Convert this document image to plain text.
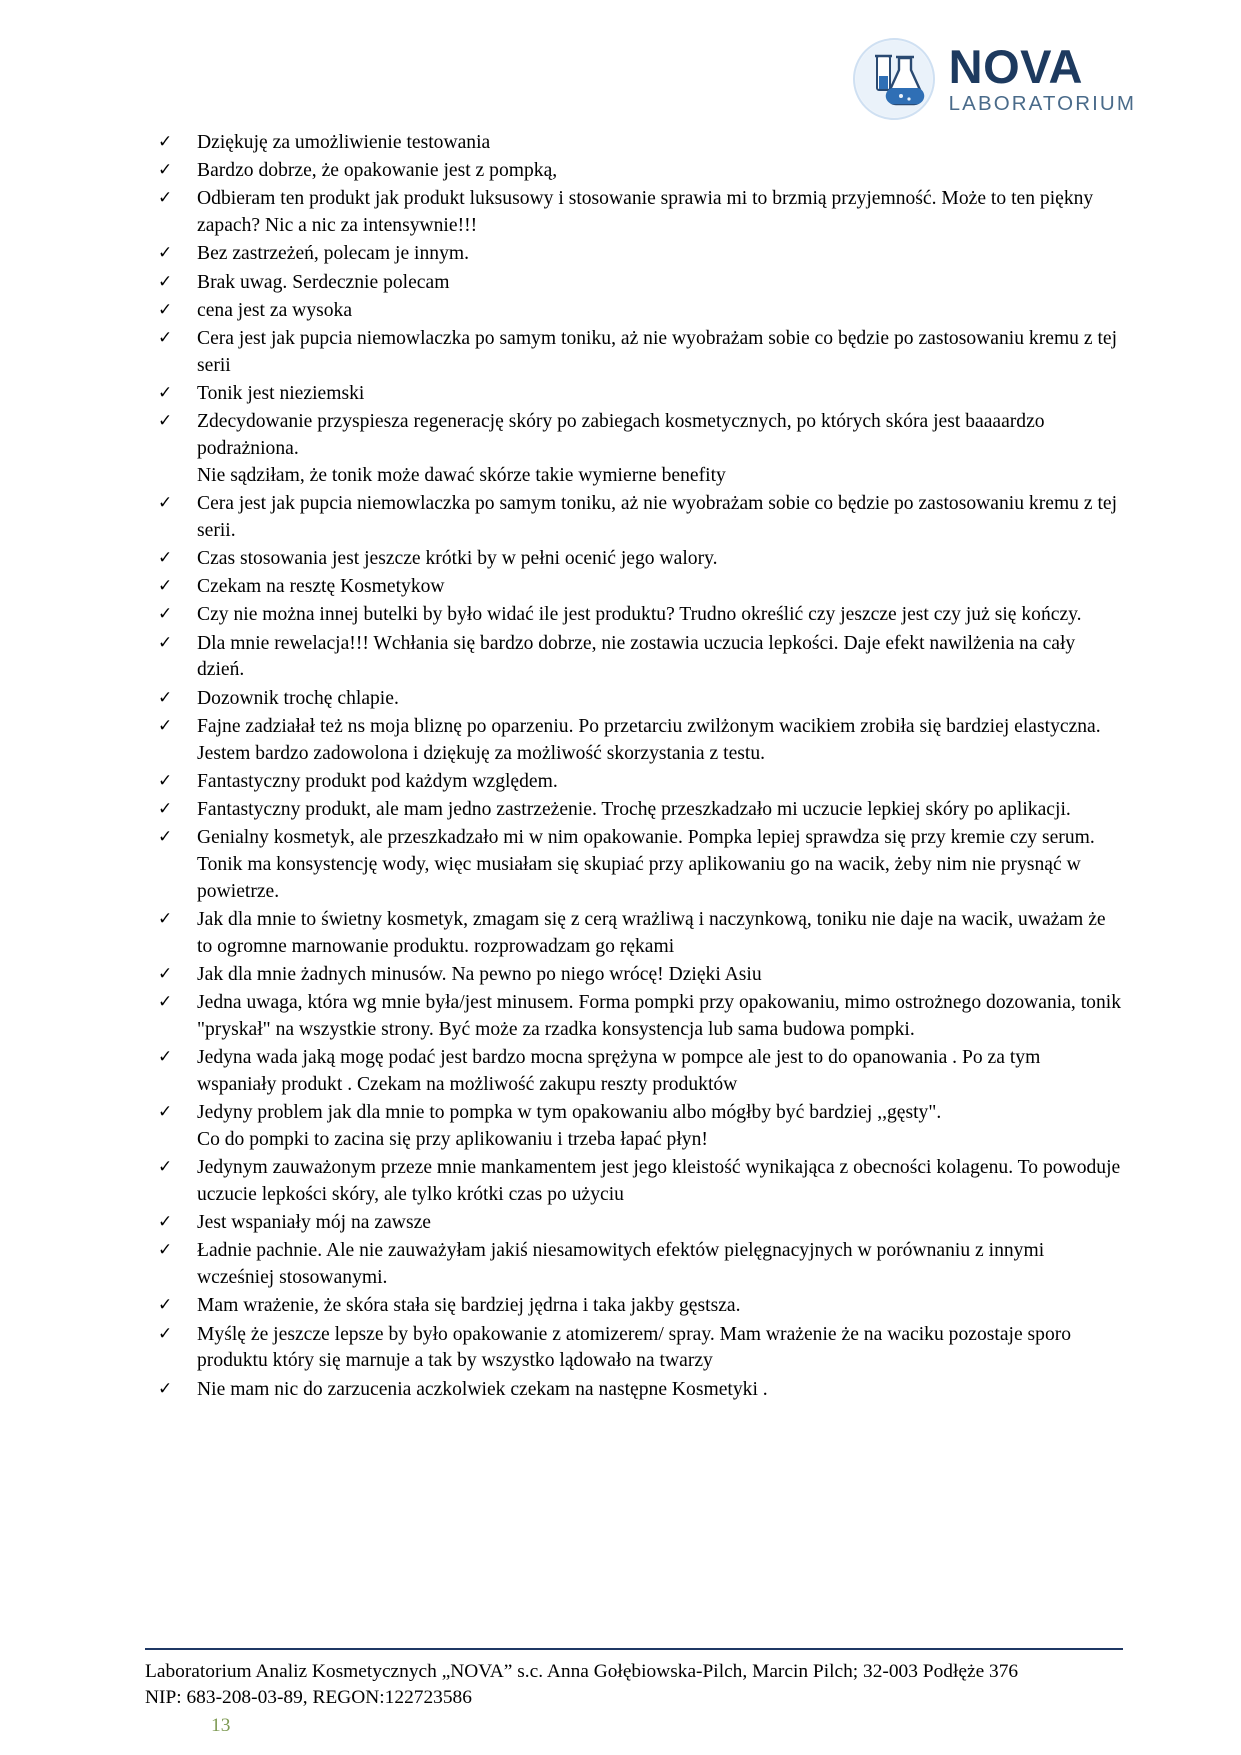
NOVA
LABORATORIUM
✓ Dziękuję za umożliwienie testowania
✓ Bardzo dobrze, że opakowanie jest z pompką,
✓ Odbieram ten produkt jak produkt luksusowy i stosowanie sprawia mi to brzmią przyjemność. Może to ten piękny zapach? Nic a nic za intensywnie!!!
✓ Bez zastrzeżeń, polecam je innym.
✓ Brak uwag. Serdecznie polecam
✓ cena jest za wysoka
✓ Cera jest jak pupcia niemowlaczka po samym toniku, aż nie wyobrażam sobie co będzie po zastosowaniu kremu z tej serii
✓ Tonik jest nieziemski
✓ Zdecydowanie przyspiesza regenerację skóry po zabiegach kosmetycznych, po których skóra jest baaaardzo podrażniona.
Nie sądziłam, że tonik może dawać skórze takie wymierne benefity
✓ Cera jest jak pupcia niemowlaczka po samym toniku, aż nie wyobrażam sobie co będzie po zastosowaniu kremu z tej serii.
✓ Czas stosowania jest jeszcze krótki by w pełni ocenić jego walory.
✓ Czekam na resztę Kosmetykow
✓ Czy nie można innej butelki by było widać ile jest produktu? Trudno określić czy jeszcze jest czy już się kończy.
✓ Dla mnie rewelacja!!! Wchłania się bardzo dobrze, nie zostawia uczucia lepkości. Daje efekt nawilżenia na cały dzień.
✓ Dozownik trochę chlapie.
✓ Fajne zadziałał też ns moja bliznę po oparzeniu. Po przetarciu zwilżonym wacikiem zrobiła się bardziej elastyczna. Jestem bardzo zadowolona i dziękuję za możliwość skorzystania z testu.
✓ Fantastyczny produkt pod każdym względem.
✓ Fantastyczny produkt, ale mam jedno zastrzeżenie. Trochę przeszkadzało mi uczucie lepkiej skóry po aplikacji.
✓ Genialny kosmetyk, ale przeszkadzało mi w nim opakowanie. Pompka lepiej sprawdza się przy kremie czy serum. Tonik ma konsystencję wody, więc musiałam się skupiać przy aplikowaniu go na wacik, żeby nim nie prysnąć w powietrze.
✓ Jak dla mnie to świetny kosmetyk, zmagam się z cerą wrażliwą i naczynkową, toniku nie daje na wacik, uważam że to ogromne marnowanie produktu. rozprowadzam go rękami
✓ Jak dla mnie żadnych minusów. Na pewno po niego wrócę! Dzięki Asiu
✓ Jedna uwaga, która wg mnie była/jest minusem. Forma pompki przy opakowaniu, mimo ostrożnego dozowania, tonik "pryskał" na wszystkie strony. Być może za rzadka konsystencja lub sama budowa pompki.
✓ Jedyna wada jaką mogę podać jest bardzo mocna sprężyna w pompce ale jest to do opanowania . Po za tym wspaniały produkt . Czekam na możliwość zakupu reszty produktów
✓ Jedyny problem jak dla mnie to pompka w tym opakowaniu albo mógłby być bardziej ,,gęsty".
Co do pompki to zacina się przy aplikowaniu i trzeba łapać płyn!
✓ Jedynym zauważonym przeze mnie mankamentem jest jego kleistość wynikająca z obecności kolagenu. To powoduje uczucie lepkości skóry, ale tylko krótki czas po użyciu
✓ Jest wspaniały mój na zawsze
✓ Ładnie pachnie. Ale nie zauważyłam jakiś niesamowitych efektów pielęgnacyjnych w porównaniu z innymi wcześniej stosowanymi.
✓ Mam wrażenie, że skóra stała się bardziej jędrna i taka jakby gęstsza.
✓ Myślę że jeszcze lepsze by było opakowanie z atomizerem/ spray. Mam wrażenie że na waciku pozostaje sporo produktu który się marnuje a tak by wszystko lądowało na twarzy
✓ Nie mam nic do zarzucenia aczkolwiek czekam na następne Kosmetyki .
Laboratorium Analiz Kosmetycznych „NOVA” s.c. Anna Gołębiowska-Pilch, Marcin Pilch; 32-003 Podłęże 376
NIP: 683-208-03-89, REGON:122723586
13
